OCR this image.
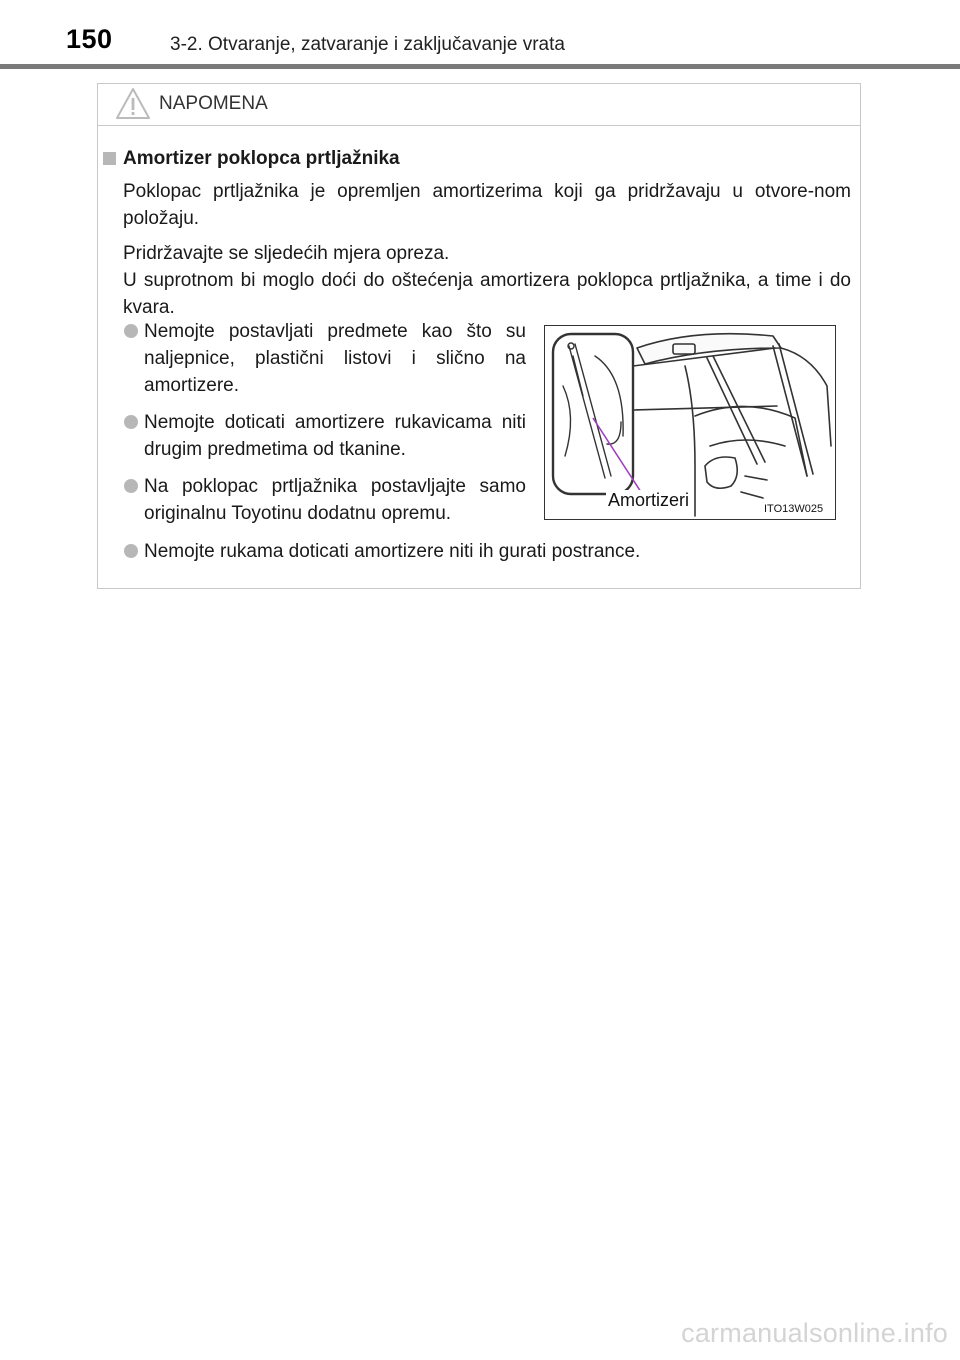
150	3-2. Otvaranje, zatvaranje i zaključavanje vrata
NAPOMENA
Amortizer poklopca prtljažnika
Poklopac prtljažnika je opremljen amortizerima koji ga pridržavaju u otvore-nom položaju.
Pridržavajte se sljedećih mjera opreza.
U suprotnom bi moglo doći do oštećenja amortizera poklopca prtljažnika, a time i do kvara.
Nemojte postavljati predmete kao što su naljepnice, plastični listovi i slično na amortizere.
Nemojte doticati amortizere rukavicama niti drugim predmetima od tkanine.
Na poklopac prtljažnika postavljajte samo originalnu Toyotinu dodatnu opremu.
Nemojte rukama doticati amortizere niti ih gurati postrance.
Amortizeri	ITO13W025
carmanualsonline.info
